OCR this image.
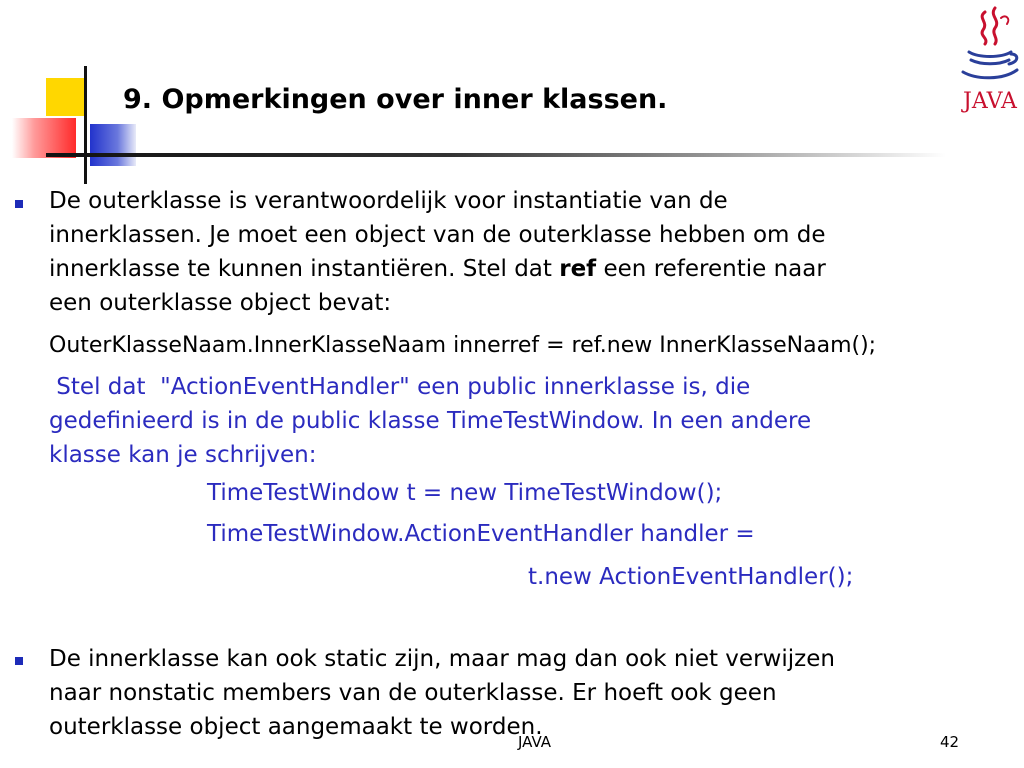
9. Opmerkingen over inner klassen.	JAVA
De outerklasse is verantwoordelijk voor instantiatie van de
innerklassen. Je moet een object van de outerklasse hebben om de
innerklasse te kunnen instantiëren. Stel dat ref een referentie naar
een outerklasse object bevat:
OuterKlasseNaam.InnerKlasseNaam innerref = ref.new InnerKlasseNaam();
Stel dat  "ActionEventHandler" een public innerklasse is, die
gedefinieerd is in de public klasse TimeTestWindow. In een andere
klasse kan je schrijven:
TimeTestWindow t = new TimeTestWindow();
TimeTestWindow.ActionEventHandler handler =
t.new ActionEventHandler();
De innerklasse kan ook static zijn, maar mag dan ook niet verwijzen
naar nonstatic members van de outerklasse. Er hoeft ook geen
outerklasse object aangemaakt te worden.
JAVA	42
